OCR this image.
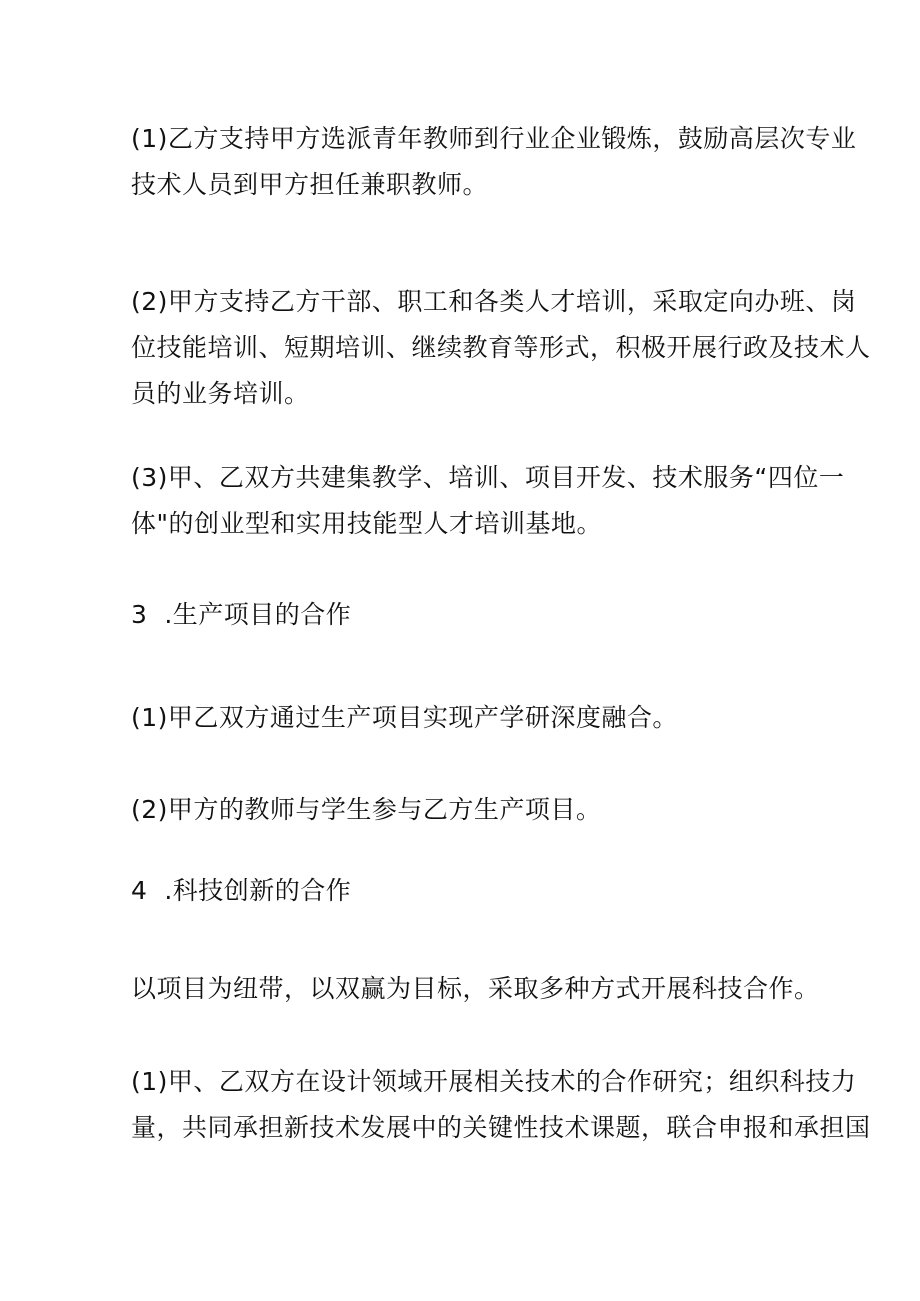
(1)乙方支持甲方选派青年教师到行业企业锻炼，鼓励高层次专业
技术人员到甲方担任兼职教师。

(2)甲方支持乙方干部、职工和各类人才培训，采取定向办班、岗
位技能培训、短期培训、继续教育等形式，积极开展行政及技术人
员的业务培训。

(3)甲、乙双方共建集教学、培训、项目开发、技术服务“四位一
体"的创业型和实用技能型人才培训基地。

3 .生产项目的合作

(1)甲乙双方通过生产项目实现产学研深度融合。

(2)甲方的教师与学生参与乙方生产项目。

4 .科技创新的合作

以项目为纽带，以双赢为目标，采取多种方式开展科技合作。

(1)甲、乙双方在设计领域开展相关技术的合作研究；组织科技力
量，共同承担新技术发展中的关键性技术课题，联合申报和承担国
